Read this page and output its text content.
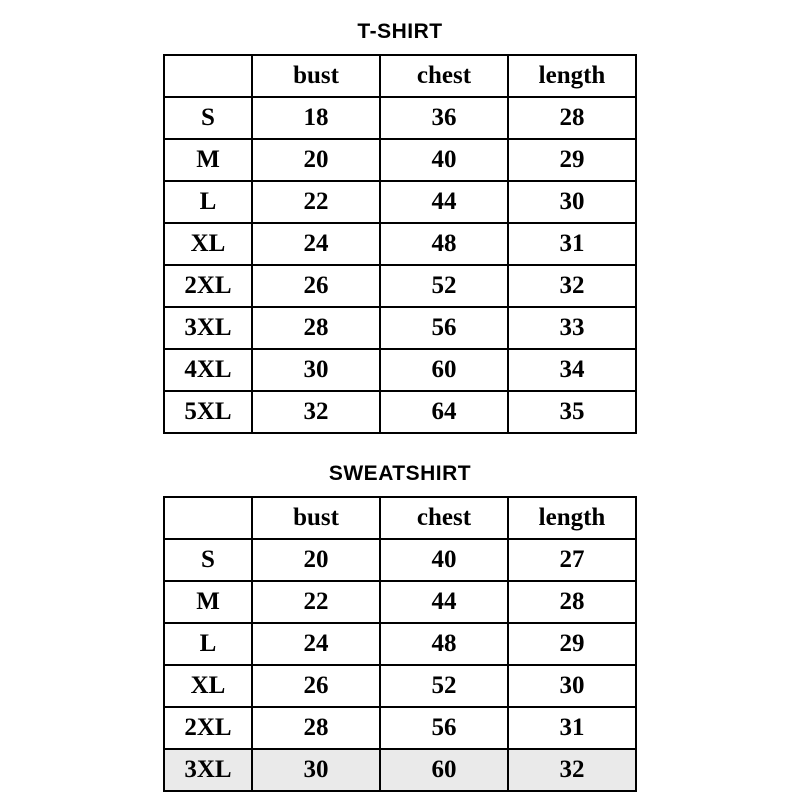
T-SHIRT
	bust	chest	length
S	18	36	28
M	20	40	29
L	22	44	30
XL	24	48	31
2XL	26	52	32
3XL	28	56	33
4XL	30	60	34
5XL	32	64	35
SWEATSHIRT
	bust	chest	length
S	20	40	27
M	22	44	28
L	24	48	29
XL	26	52	30
2XL	28	56	31
3XL	30	60	32
